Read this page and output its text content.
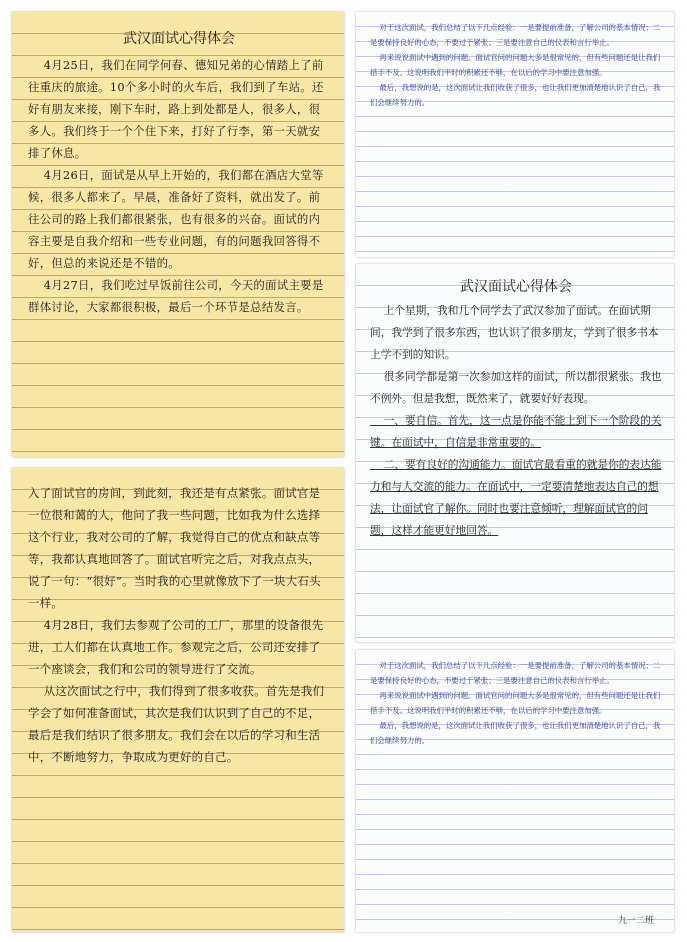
武汉面试心得体会
4月25日，我们在同学何春、德知兄弟的心情踏上了前往重庆的旅途。10个多小时的火车后，我们到了车站。还好有朋友来接，刚下车时，路上到处都是人，很多人，很多人。我们终于一个个住下来，打好了行李，第一天就安排了休息。
4月26日，面试是从早上开始的，我们都在酒店大堂等候，很多人都来了。早晨，准备好了资料，就出发了。前往公司的路上我们都很紧张，也有很多的兴奋。面试的内容主要是自我介绍和一些专业问题，有的问题我回答得不好，但总的来说还是不错的。
4月27日，我们吃过早饭前往公司，今天的面试主要是群体讨论，大家都很积极，最后一个环节是总结发言。
入了面试官的房间，到此刻，我还是有点紧张。面试官是一位很和蔼的人，他问了我一些问题，比如我为什么选择这个行业，我对公司的了解，我觉得自己的优点和缺点等等，我都认真地回答了。面试官听完之后，对我点点头，说了一句：“很好”。当时我的心里就像放下了一块大石头一样。
4月28日，我们去参观了公司的工厂，那里的设备很先进，工人们都在认真地工作。参观完之后，公司还安排了一个座谈会，我们和公司的领导进行了交流。
从这次面试之行中，我们得到了很多收获。首先是我们学会了如何准备面试，其次是我们认识到了自己的不足，最后是我们结识了很多朋友。我们会在以后的学习和生活中，不断地努力，争取成为更好的自己。
对于这次面试，我们总结了以下几点经验：一是要提前准备，了解公司的基本情况；二是要保持良好的心态，不要过于紧张；三是要注意自己的仪表和言行举止。
再来说说面试中遇到的问题。面试官问的问题大多是很常见的，但有些问题还是让我们措手不及。这说明我们平时的积累还不够，在以后的学习中要注意加强。
最后，我想说的是，这次面试让我们收获了很多，也让我们更加清楚地认识了自己，我们会继续努力的。
武汉面试心得体会
上个星期，我和几个同学去了武汉参加了面试。在面试期间，我学到了很多东西，也认识了很多朋友，学到了很多书本上学不到的知识。
很多同学都是第一次参加这样的面试，所以都很紧张。我也不例外。但是我想，既然来了，就要好好表现。
一、要自信。首先，这一点是你能不能上到下一个阶段的关键。在面试中，自信是非常重要的。
二、要有良好的沟通能力。面试官最看重的就是你的表达能力和与人交流的能力。在面试中，一定要清楚地表达自己的想法，让面试官了解你。同时也要注意倾听，理解面试官的问题，这样才能更好地回答。
对于这次面试，我们总结了以下几点经验：一是要提前准备，了解公司的基本情况；二是要保持良好的心态，不要过于紧张；三是要注意自己的仪表和言行举止。
再来说说面试中遇到的问题。面试官问的问题大多是很常见的，但有些问题还是让我们措手不及。这说明我们平时的积累还不够，在以后的学习中要注意加强。
最后，我想说的是，这次面试让我们收获了很多，也让我们更加清楚地认识了自己，我们会继续努力的。
九一二班
